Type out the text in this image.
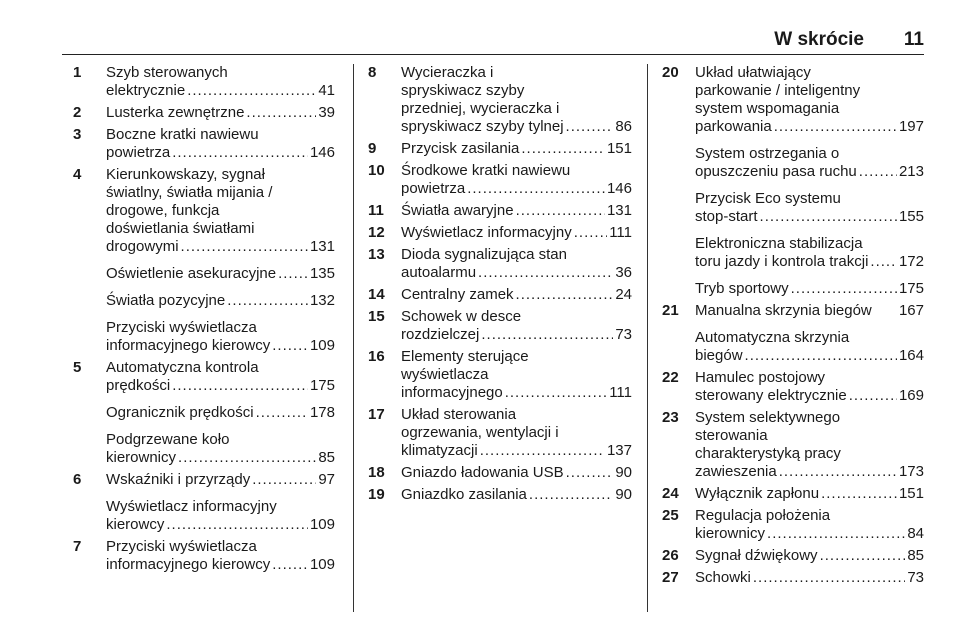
W skrócie 11
1 Szyb sterowanych
elektrycznie .....	41
2 Lusterka zewnętrzne .....	39
3 Boczne kratki nawiewu
powietrza .....	146
4 Kierunkowskazy, sygnał
światlny, światła mijania /
drogowe, funkcja
doświetlania światłami
drogowymi .....	131
Oświetlenie asekuracyjne ..... 135
Światła pozycyjne .....	132
Przyciski wyświetlacza
informacyjnego kierowcy .....	109
5 Automatyczna kontrola
prędkości .....	175
Ogranicznik prędkości .....	178
Podgrzewane koło
kierownicy .....	85
6 Wskaźniki i przyrządy .....	97
Wyświetlacz informacyjny
kierowcy .....	109
7 Przyciski wyświetlacza
informacyjnego kierowcy .....	109
8 Wycieraczka i
spryskiwacz szyby
przedniej, wycieraczka i
spryskiwacz szyby tylnej .....	86
9 Przycisk zasilania .....	151
10 Środkowe kratki nawiewu
powietrza .....	146
11 Światła awaryjne .....	131
12 Wyświetlacz informacyjny ..... 111
13 Dioda sygnalizująca stan
autoalarmu .....	36
14 Centralny zamek .....	24
15 Schowek w desce
rozdzielczej .....	73
16 Elementy sterujące
wyświetlacza
informacyjnego .....	111
17 Układ sterowania
ogrzewania, wentylacji i
klimatyzacji .....	137
18 Gniazdo ładowania USB .....	90
19 Gniazdko zasilania .....	90
20 Układ ułatwiający
parkowanie / inteligentny
system wspomagania
parkowania .....	197
System ostrzegania o
opuszczeniu pasa ruchu .....	213
Przycisk Eco systemu
stop-start .....	155
Elektroniczna stabilizacja
toru jazdy i kontrola trakcji ..... 172
Tryb sportowy .....	175
21 Manualna skrzynia biegów 167
Automatyczna skrzynia
biegów .....	164
22 Hamulec postojowy
sterowany elektrycznie .....	169
23 System selektywnego
sterowania
charakterystyką pracy
zawieszenia .....	173
24 Wyłącznik zapłonu .....	151
25 Regulacja położenia
kierownicy .....	84
26 Sygnał dźwiękowy .....	85
27 Schowki .....	73
